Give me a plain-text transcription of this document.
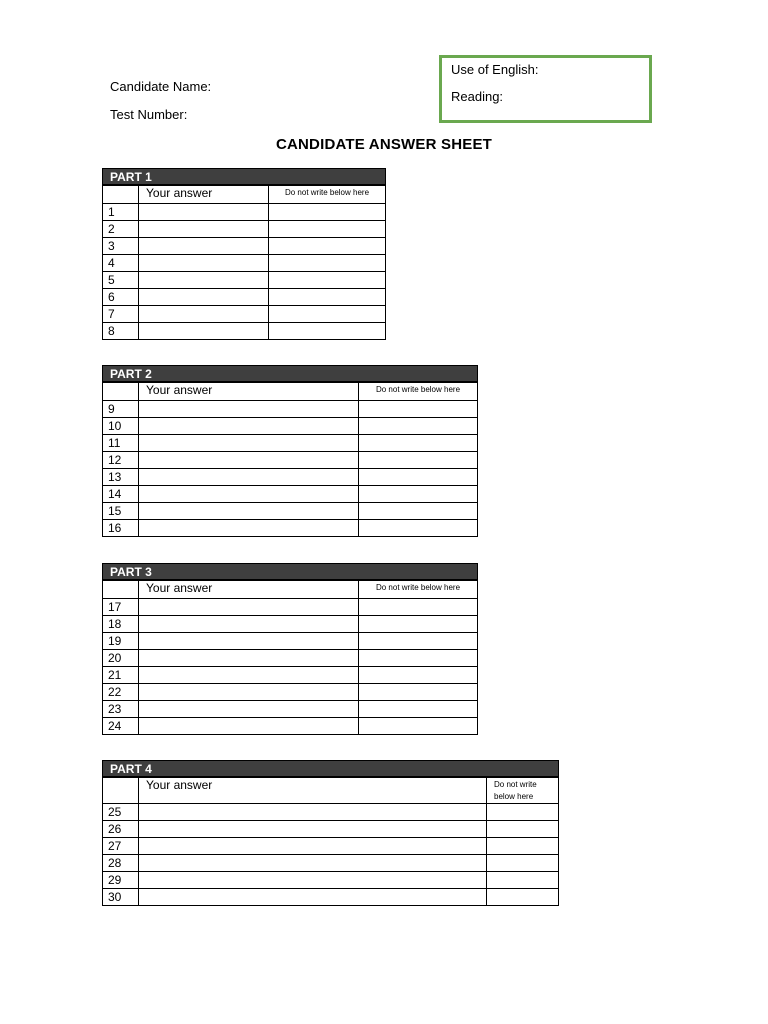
Candidate Name:
Test Number:
Use of English:
Reading:
CANDIDATE ANSWER SHEET
PART 1
	Your answer	Do not write below here
1		
2		
3		
4		
5		
6		
7		
8		
PART 2
	Your answer	Do not write below here
9		
10		
11		
12		
13		
14		
15		
16		
PART 3
	Your answer	Do not write below here
17		
18		
19		
20		
21		
22		
23		
24		
PART 4
	Your answer	Do not write
below here

25		
26		
27		
28		
29		
30		
